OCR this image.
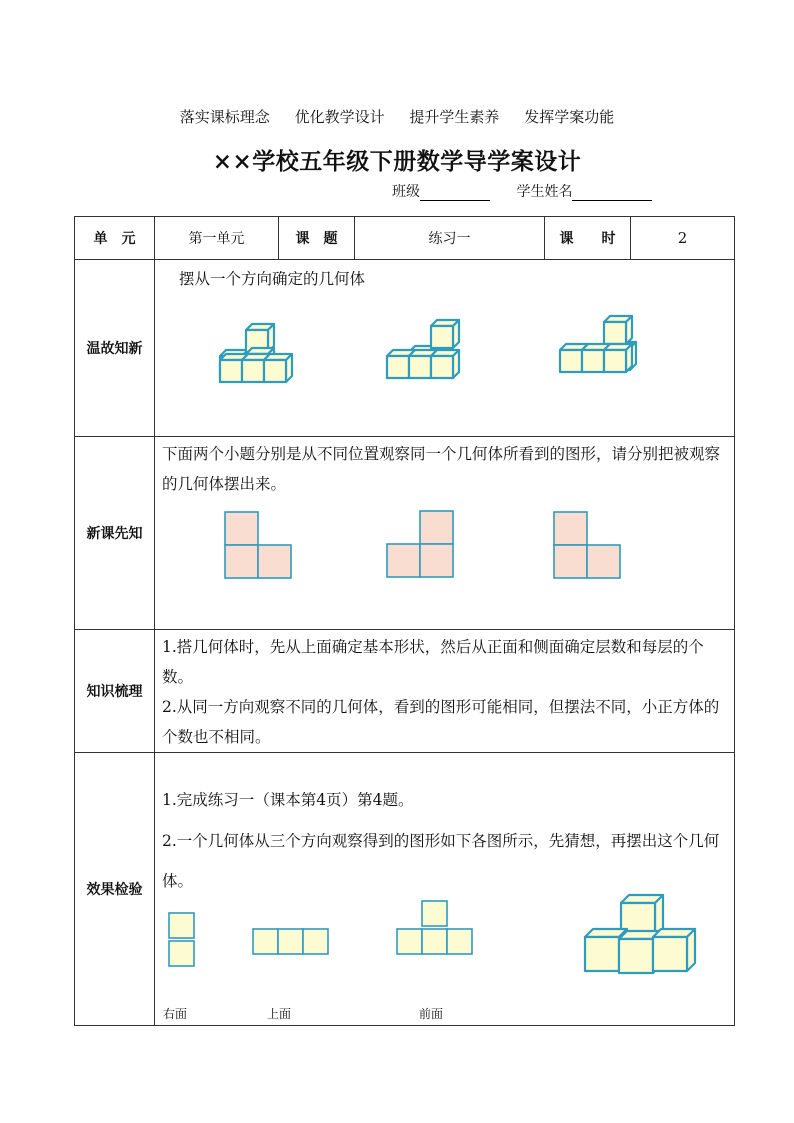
落实课标理念 优化教学设计 提升学生素养 发挥学案功能
××学校五年级下册数学导学案设计
班级	学生姓名
单　元	第一单元	课　题	练习一	课　　时	2
温故知新	摆从一个方向确定的几何体				

新课先知	下面两个小题分别是从不同位置观察同一个几何体所看到的图形，请分别把被观察的几何体摆出来。				

知识梳理	1.搭几何体时，先从上面确定基本形状，然后从正面和侧面确定层数和每层的个数。

2.从同一方向观察不同的几何体，看到的图形可能相同，但摆法不同，小正方体的个数也不相同。				

效果检验	1.完成练习一（课本第4页）第4题。

2.一个几何体从三个方向观察得到的图形如下各图所示，先猜想，再摆出这个几何体。

右面 上面 前面				
